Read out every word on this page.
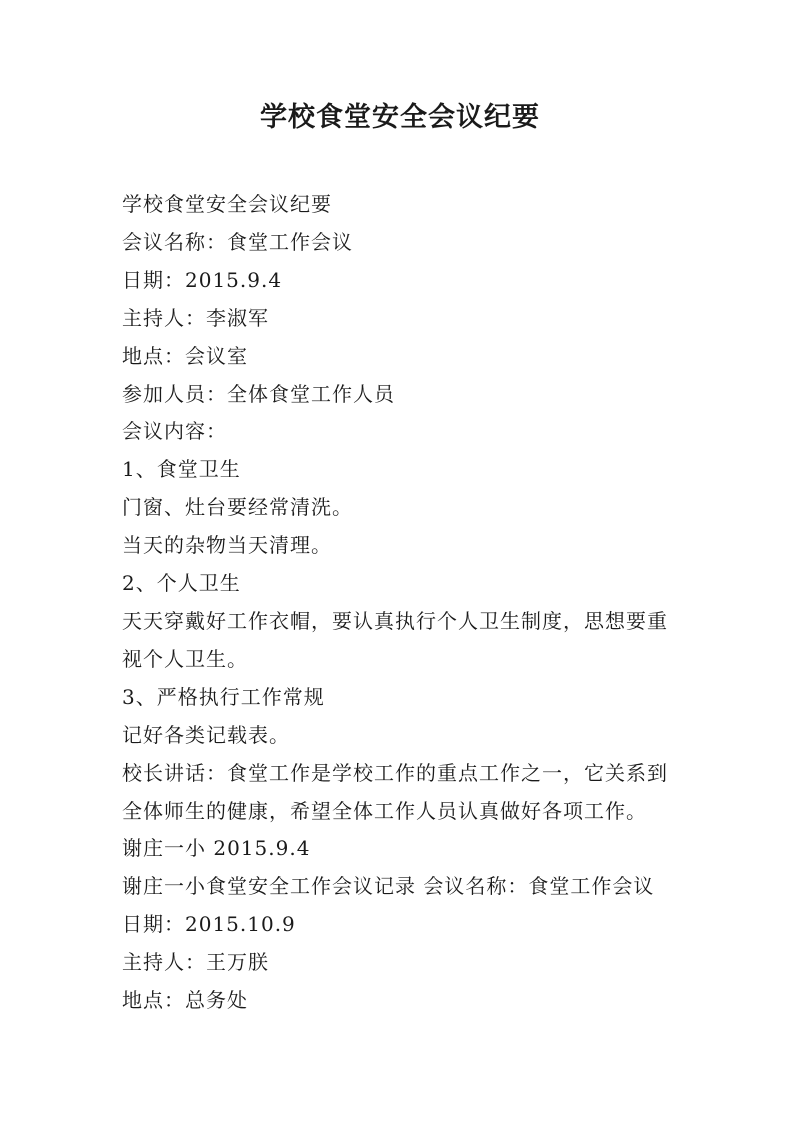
学校食堂安全会议纪要
学校食堂安全会议纪要
会议名称：食堂工作会议
日期：2015.9.4
主持人：李淑军
地点：会议室
参加人员：全体食堂工作人员
会议内容：
1、食堂卫生
门窗、灶台要经常清洗。
当天的杂物当天清理。
2、个人卫生
天天穿戴好工作衣帽，要认真执行个人卫生制度，思想要重
视个人卫生。
3、严格执行工作常规
记好各类记载表。
校长讲话：食堂工作是学校工作的重点工作之一，它关系到
全体师生的健康，希望全体工作人员认真做好各项工作。
谢庄一小 2015.9.4
谢庄一小食堂安全工作会议记录 会议名称：食堂工作会议
日期：2015.10.9
主持人：王万朕
地点：总务处
